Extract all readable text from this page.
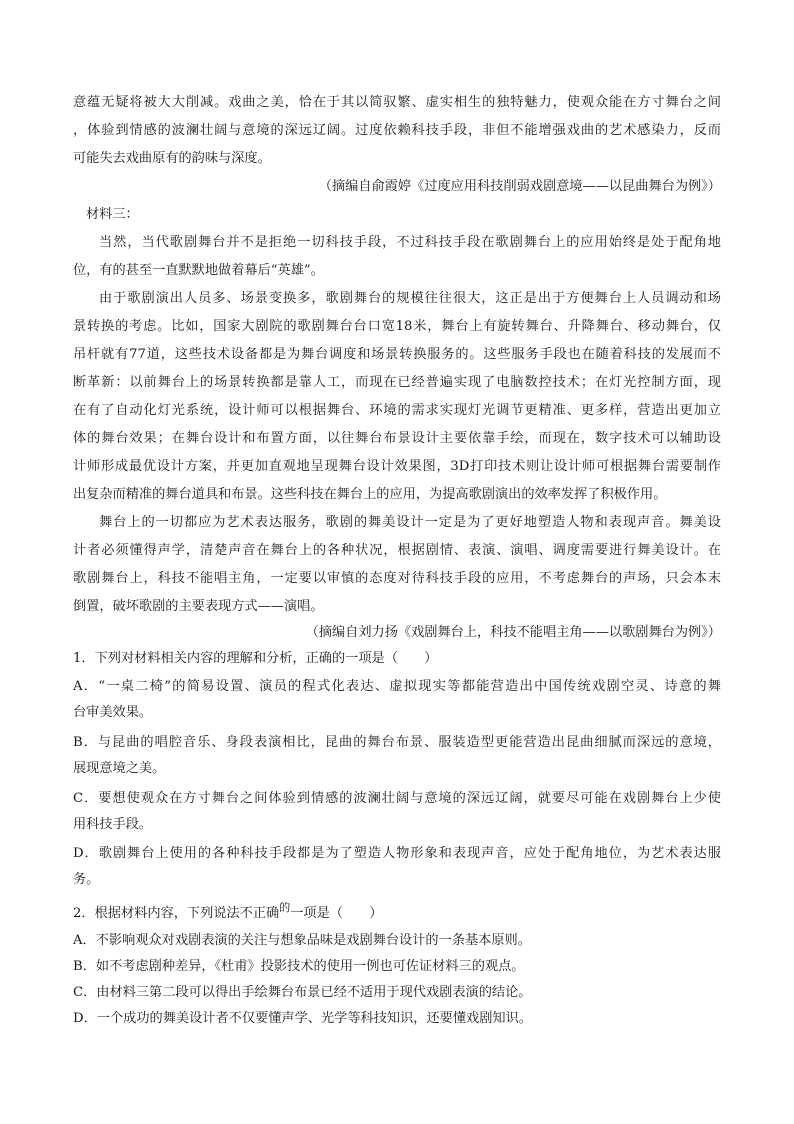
意蕴无疑将被大大削减。戏曲之美，恰在于其以简驭繁、虚实相生的独特魅力，使观众能在方寸舞台之间
，体验到情感的波澜壮阔与意境的深远辽阔。过度依赖科技手段，非但不能增强戏曲的艺术感染力，反而
可能失去戏曲原有的韵味与深度。
（摘编自俞霞婷《过度应用科技削弱戏剧意境——以昆曲舞台为例》）
材料三：
当然，当代歌剧舞台并不是拒绝一切科技手段，不过科技手段在歌剧舞台上的应用始终是处于配角地
位，有的甚至一直默默地做着幕后“英雄”。
由于歌剧演出人员多、场景变换多，歌剧舞台的规模往往很大，这正是出于方便舞台上人员调动和场
景转换的考虑。比如，国家大剧院的歌剧舞台台口宽18米，舞台上有旋转舞台、升降舞台、移动舞台，仅
吊杆就有77道，这些技术设备都是为舞台调度和场景转换服务的。这些服务手段也在随着科技的发展而不
断革新：以前舞台上的场景转换都是靠人工，而现在已经普遍实现了电脑数控技术；在灯光控制方面，现
在有了自动化灯光系统，设计师可以根据舞台、环境的需求实现灯光调节更精准、更多样，营造出更加立
体的舞台效果；在舞台设计和布置方面，以往舞台布景设计主要依靠手绘，而现在，数字技术可以辅助设
计师形成最优设计方案，并更加直观地呈现舞台设计效果图，3D打印技术则让设计师可根据舞台需要制作
出复杂而精准的舞台道具和布景。这些科技在舞台上的应用，为提高歌剧演出的效率发挥了积极作用。
舞台上的一切都应为艺术表达服务，歌剧的舞美设计一定是为了更好地塑造人物和表现声音。舞美设
计者必须懂得声学，清楚声音在舞台上的各种状况，根据剧情、表演、演唱、调度需要进行舞美设计。在
歌剧舞台上，科技不能唱主角，一定要以审慎的态度对待科技手段的应用，不考虑舞台的声场，只会本末
倒置，破坏歌剧的主要表现方式——演唱。
（摘编自刘力扬《戏剧舞台上，科技不能唱主角——以歌剧舞台为例》）
1．下列对材料相关内容的理解和分析，正确的一项是（　　）
A．“一桌二椅”的简易设置、演员的程式化表达、虚拟现实等都能营造出中国传统戏剧空灵、诗意的舞
台审美效果。
B．与昆曲的唱腔音乐、身段表演相比，昆曲的舞台布景、服装造型更能营造出昆曲细腻而深远的意境，
展现意境之美。
C．要想使观众在方寸舞台之间体验到情感的波澜壮阔与意境的深远辽阔，就要尽可能在戏剧舞台上少使
用科技手段。
D．歌剧舞台上使用的各种科技手段都是为了塑造人物形象和表现声音，应处于配角地位，为艺术表达服
务。
2．根据材料内容，下列说法不正确$^的$一项是（　　）
A．不影响观众对戏剧表演的关注与想象品味是戏剧舞台设计的一条基本原则。
B．如不考虑剧种差异，《杜甫》投影技术的使用一例也可佐证材料三的观点。
C．由材料三第二段可以得出手绘舞台布景已经不适用于现代戏剧表演的结论。
D．一个成功的舞美设计者不仅要懂声学、光学等科技知识，还要懂戏剧知识。
